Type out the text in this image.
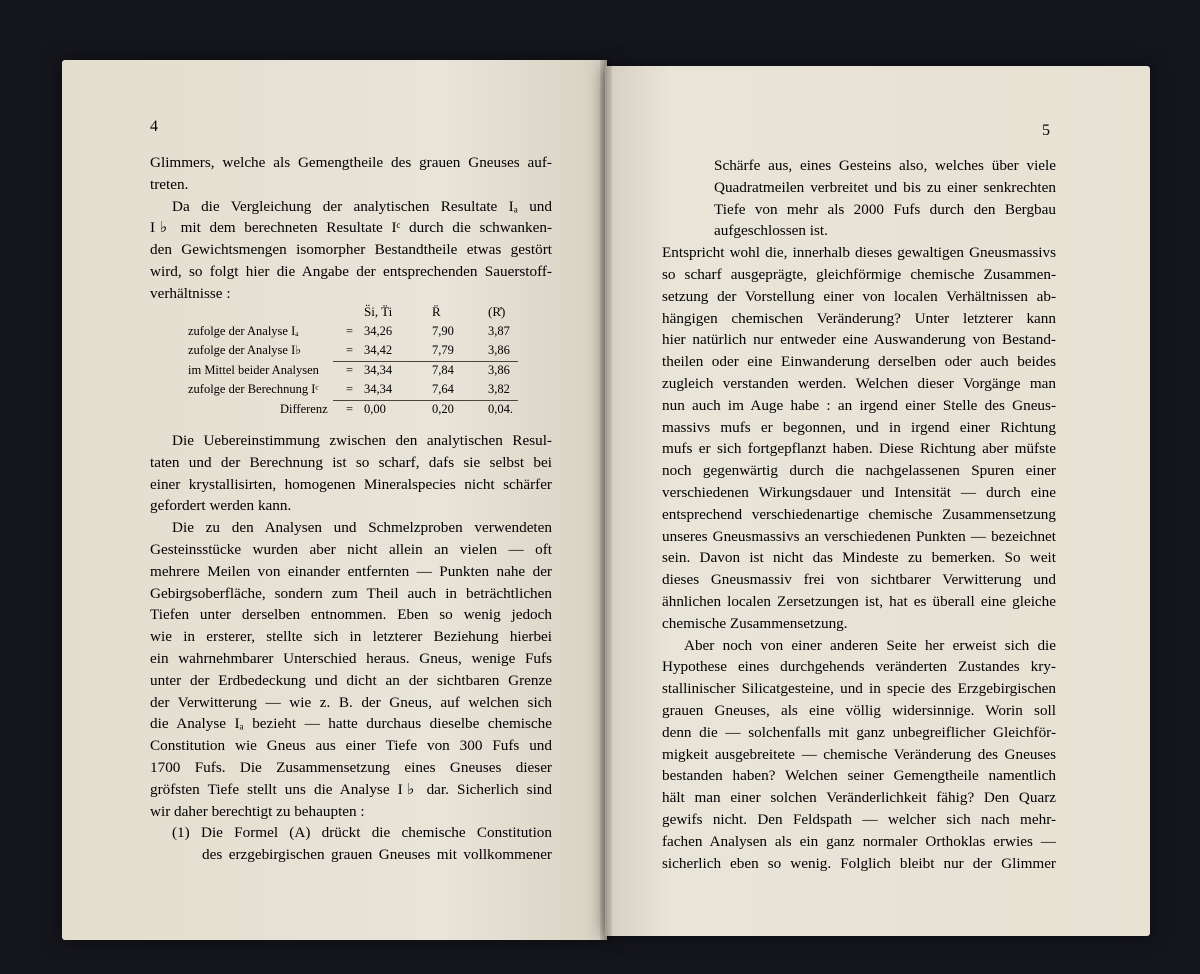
4
Glimmers, welche als Gemengtheile des grauen Gneuses auf-
treten.
Da die Vergleichung der analytischen Resultate Iₐ und
I♭ mit dem berechneten Resultate Iᶜ durch die schwanken-
den Gewichtsmengen isomorpher Bestandtheile etwas gestört
wird, so folgt hier die Angabe der entsprechenden Sauerstoff-
verhältnisse :
S̈i, T̈i	R̈	(R̊)
zufolge der Analyse Iₐ	= 34,26	7,90	3,87
zufolge der Analyse I♭	= 34,42	7,79	3,86
im Mittel beider Analysen = 34,34	7,84	3,86
zufolge der Berechnung Iᶜ = 34,34	7,64	3,82
Differenz = 0,00	0,20	0,04.
Die Uebereinstimmung zwischen den analytischen Resul-
taten und der Berechnung ist so scharf, dafs sie selbst bei
einer krystallisirten, homogenen Mineralspecies nicht schärfer
gefordert werden kann.
Die zu den Analysen und Schmelzproben verwendeten
Gesteinsstücke wurden aber nicht allein an vielen — oft
mehrere Meilen von einander entfernten — Punkten nahe der
Gebirgsoberfläche, sondern zum Theil auch in beträchtlichen
Tiefen unter derselben entnommen. Eben so wenig jedoch
wie in ersterer, stellte sich in letzterer Beziehung hierbei
ein wahrnehmbarer Unterschied heraus. Gneus, wenige Fufs
unter der Erdbedeckung und dicht an der sichtbaren Grenze
der Verwitterung — wie z. B. der Gneus, auf welchen sich
die Analyse Iₐ bezieht — hatte durchaus dieselbe chemische
Constitution wie Gneus aus einer Tiefe von 300 Fufs und
1700 Fufs. Die Zusammensetzung eines Gneuses dieser
gröfsten Tiefe stellt uns die Analyse I♭ dar. Sicherlich sind
wir daher berechtigt zu behaupten :
(1) Die Formel (A) drückt die chemische Constitution
des erzgebirgischen grauen Gneuses mit vollkommener
5
Schärfe aus, eines Gesteins also, welches über viele
Quadratmeilen verbreitet und bis zu einer senkrechten
Tiefe von mehr als 2000 Fufs durch den Bergbau
aufgeschlossen ist.
Entspricht wohl die, innerhalb dieses gewaltigen Gneusmassivs
so scharf ausgeprägte, gleichförmige chemische Zusammen-
setzung der Vorstellung einer von localen Verhältnissen ab-
hängigen chemischen Veränderung? Unter letzterer kann
hier natürlich nur entweder eine Auswanderung von Bestand-
theilen oder eine Einwanderung derselben oder auch beides
zugleich verstanden werden. Welchen dieser Vorgänge man
nun auch im Auge habe : an irgend einer Stelle des Gneus-
massivs mufs er begonnen, und in irgend einer Richtung
mufs er sich fortgepflanzt haben. Diese Richtung aber müfste
noch gegenwärtig durch die nachgelassenen Spuren einer
verschiedenen Wirkungsdauer und Intensität — durch eine
entsprechend verschiedenartige chemische Zusammensetzung
unseres Gneusmassivs an verschiedenen Punkten — bezeichnet
sein. Davon ist nicht das Mindeste zu bemerken. So weit
dieses Gneusmassiv frei von sichtbarer Verwitterung und
ähnlichen localen Zersetzungen ist, hat es überall eine gleiche
chemische Zusammensetzung.
Aber noch von einer anderen Seite her erweist sich die
Hypothese eines durchgehends veränderten Zustandes kry-
stallinischer Silicatgesteine, und in specie des Erzgebirgischen
grauen Gneuses, als eine völlig widersinnige. Worin soll
denn die — solchenfalls mit ganz unbegreiflicher Gleichför-
migkeit ausgebreitete — chemische Veränderung des Gneuses
bestanden haben? Welchen seiner Gemengtheile namentlich
hält man einer solchen Veränderlichkeit fähig? Den Quarz
gewifs nicht. Den Feldspath — welcher sich nach mehr-
fachen Analysen als ein ganz normaler Orthoklas erwies —
sicherlich eben so wenig. Folglich bleibt nur der Glimmer
